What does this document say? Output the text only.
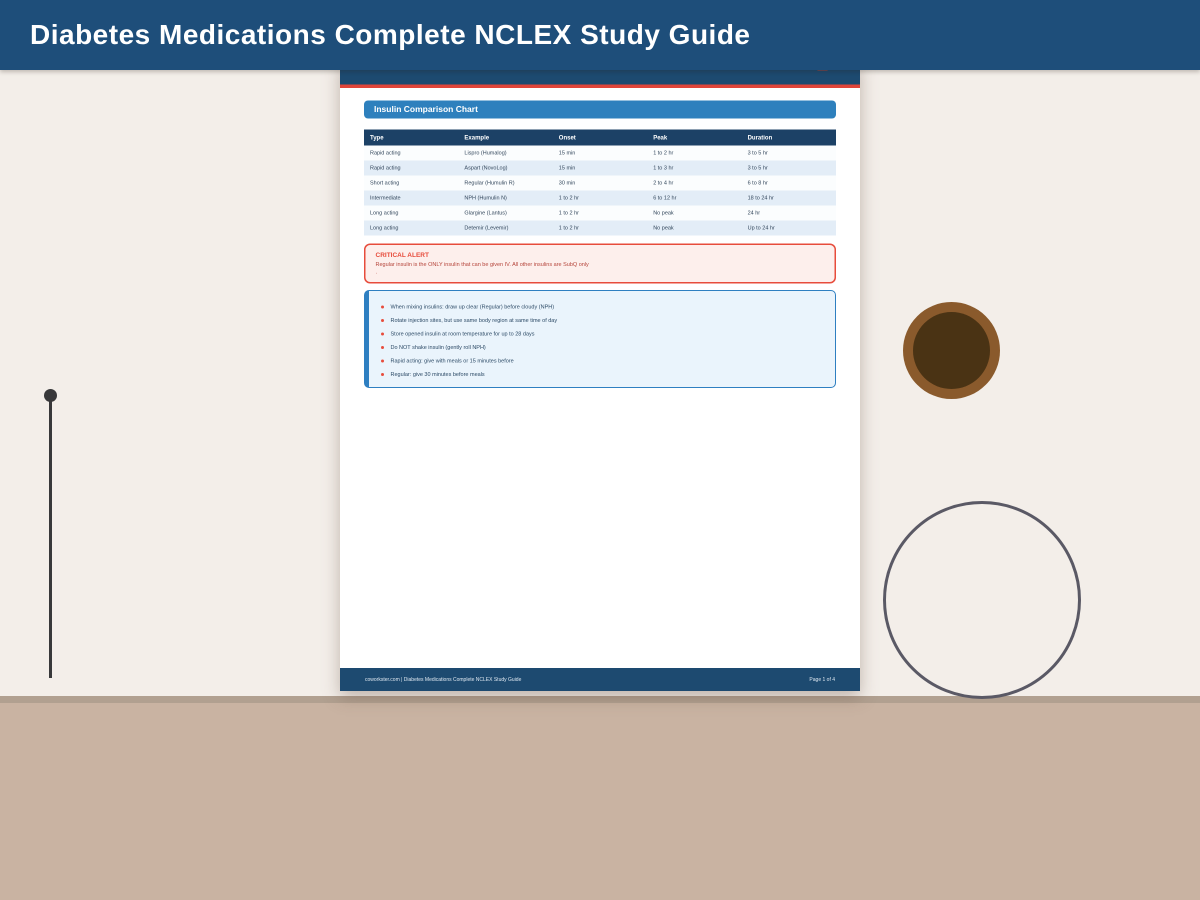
Diabetes Medications Complete NCLEX Study Guide
Insulin Comparison Chart
Type	Example	Onset	Peak	Duration
Rapid acting	Lispro (Humalog)	15 min	1 to 2 hr	3 to 5 hr
Rapid acting	Aspart (NovoLog)	15 min	1 to 3 hr	3 to 5 hr
Short acting	Regular (Humulin R)	30 min	2 to 4 hr	6 to 8 hr
Intermediate	NPH (Humulin N)	1 to 2 hr	6 to 12 hr	18 to 24 hr
Long acting	Glargine (Lantus)	1 to 2 hr	No peak	24 hr
Long acting	Detemir (Levemir)	1 to 2 hr	No peak	Up to 24 hr
CRITICAL ALERT
Regular insulin is the ONLY insulin that can be given IV. All other insulins are SubQ only
.
When mixing insulins: draw up clear (Regular) before cloudy (NPH)
Rotate injection sites, but use same body region at same time of day
Store opened insulin at room temperature for up to 28 days
Do NOT shake insulin (gently roll NPH)
Rapid acting: give with meals or 15 minutes before
Regular: give 30 minutes before meals
coworkster.com | Diabetes Medications Complete NCLEX Study Guide	Page 1 of 4
